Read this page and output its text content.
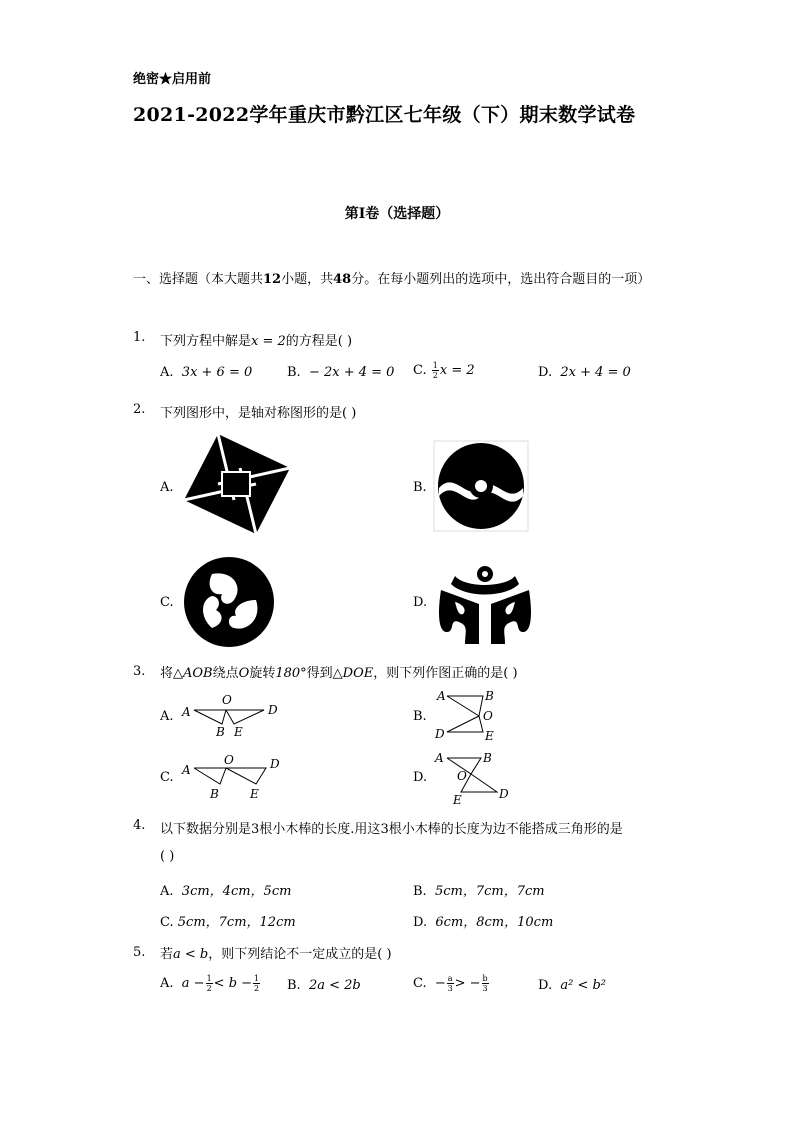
绝密★启用前
2021-2022学年重庆市黔江区七年级（下）期末数学试卷
第I卷（选择题）
一、选择题（本大题共12小题，共48分。在每小题列出的选项中，选出符合题目的一项）
1. 下列方程中解是x = 2的方程是( )
A. 3x + 6 = 0	B. − 2x + 4 = 0 C. $\frac{1}{2}$ x = 2	D. 2x + 4 = 0
2. 下列图形中，是轴对称图形的是( )
A.	B.
C.	D.
3. 将△AOB绕点O旋转180°得到△DOE，则下列作图正确的是( )
A. A
O
D
B E
B.
A	B
O
D	E
C. A
O	D
B	E
D.
A	B
O
D
E
4. 以下数据分别是3根小木棒的长度.用这3根小木棒的长度为边不能搭成三角形的是
( )
A. 3cm，4cm，5cm	B. 5cm，7cm，7cm
C. 5cm，7cm，12cm	D. 6cm，8cm，10cm
5. 若a < b，则下列结论不一定成立的是( )
A. $a - \frac{1}{2} < b - \frac{1}{2} B$. 2a < 2b	C. − $\frac{a}{3}$ > − $\frac{b}{3}$	D. a² < b²
